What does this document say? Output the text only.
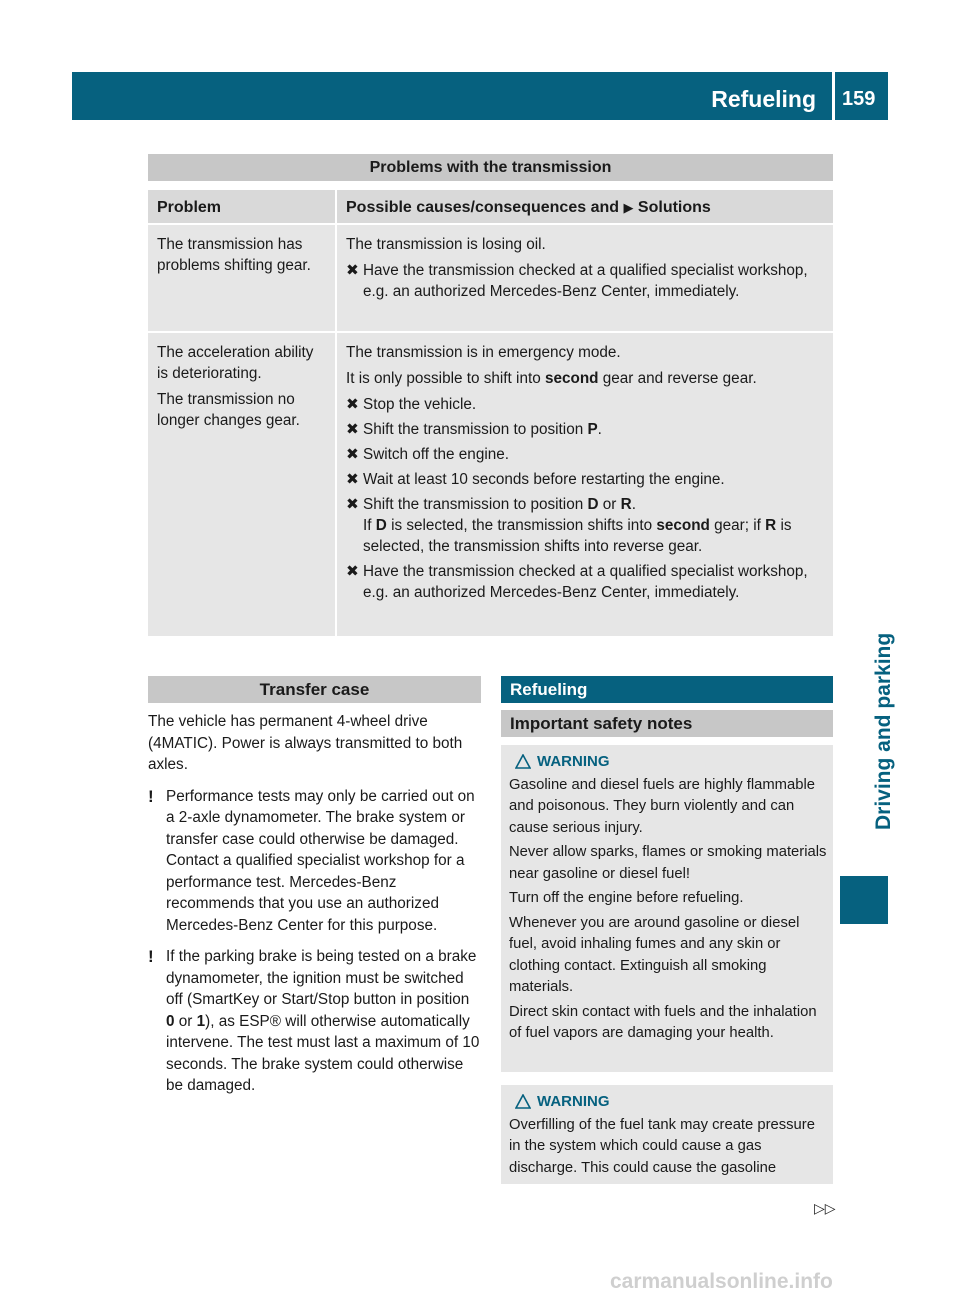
Refueling 159
Driving and parking
Problems with the transmission
Problem	Possible causes/consequences and ▶ Solutions

The transmission has problems shifting gear.

The transmission is losing oil.

✖ Have the transmission checked at a qualified specialist workshop, e.g. an authorized Mercedes-Benz Center, immediately.

The acceleration ability is deteriorating.

The transmission no longer changes gear.

The transmission is in emergency mode.

It is only possible to shift into second gear and reverse gear.

✖ Stop the vehicle.
✖ Shift the transmission to position P.
✖ Switch off the engine.
✖ Wait at least 10 seconds before restarting the engine.
✖ Shift the transmission to position D or R.
If D is selected, the transmission shifts into second gear; if R is selected, the transmission shifts into reverse gear.
✖ Have the transmission checked at a qualified specialist workshop, e.g. an authorized Mercedes-Benz Center, immediately.
Transfer case

The vehicle has permanent 4-wheel drive (4MATIC). Power is always transmitted to both axles.

! Performance tests may only be carried out on a 2-axle dynamometer. The brake system or transfer case could otherwise be damaged. Contact a qualified specialist workshop for a performance test. Mercedes-Benz recommends that you use an authorized Mercedes-Benz Center for this purpose.

! If the parking brake is being tested on a brake dynamometer, the ignition must be switched off (SmartKey or Start/Stop button in position 0 or 1), as ESP® will otherwise automatically intervene. The test must last a maximum of 10 seconds. The brake system could otherwise be damaged.

Refueling
Important safety notes
WARNING

Gasoline and diesel fuels are highly flammable and poisonous. They burn violently and can cause serious injury.

Never allow sparks, flames or smoking materials near gasoline or diesel fuel!

Turn off the engine before refueling.

Whenever you are around gasoline or diesel fuel, avoid inhaling fumes and any skin or clothing contact. Extinguish all smoking materials.

Direct skin contact with fuels and the inhalation of fuel vapors are damaging your health.

WARNING

Overfilling of the fuel tank may create pressure in the system which could cause a gas discharge. This could cause the gasoline

▷▷
carmanualsonline.info
